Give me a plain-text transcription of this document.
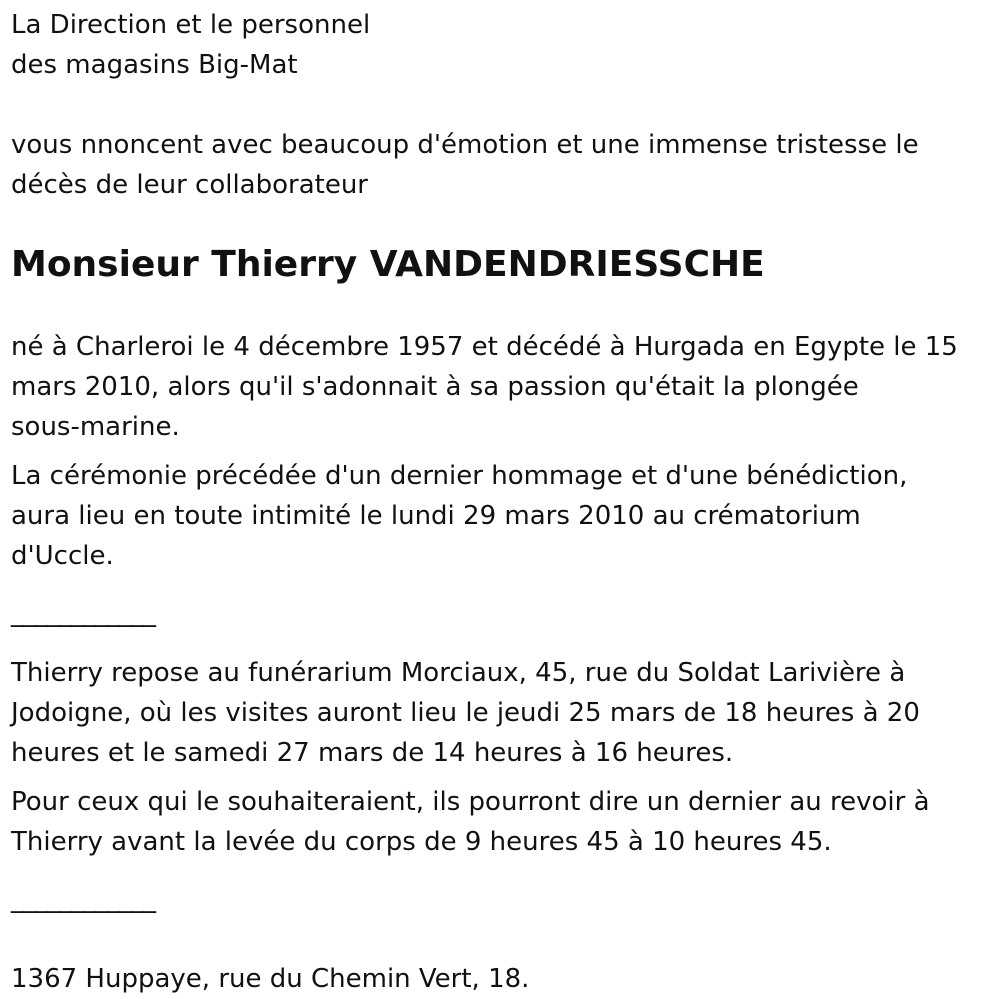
La Direction et le personnel
des magasins Big-Mat
vous nnoncent avec beaucoup d'émotion et une immense tristesse le
décès de leur collaborateur
Monsieur Thierry VANDENDRIESSCHE
né à Charleroi le 4 décembre 1957 et décédé à Hurgada en Egypte le 15
mars 2010, alors qu'il s'adonnait à sa passion qu'était la plongée
sous-marine.
La cérémonie précédée d'un dernier hommage et d'une bénédiction,
aura lieu en toute intimité le lundi 29 mars 2010 au crématorium
d'Uccle.
____________
Thierry repose au funérarium Morciaux, 45, rue du Soldat Larivière à
Jodoigne, où les visites auront lieu le jeudi 25 mars de 18 heures à 20
heures et le samedi 27 mars de 14 heures à 16 heures.
Pour ceux qui le souhaiteraient, ils pourront dire un dernier au revoir à
Thierry avant la levée du corps de 9 heures 45 à 10 heures 45.
____________
1367 Huppaye, rue du Chemin Vert, 18.
